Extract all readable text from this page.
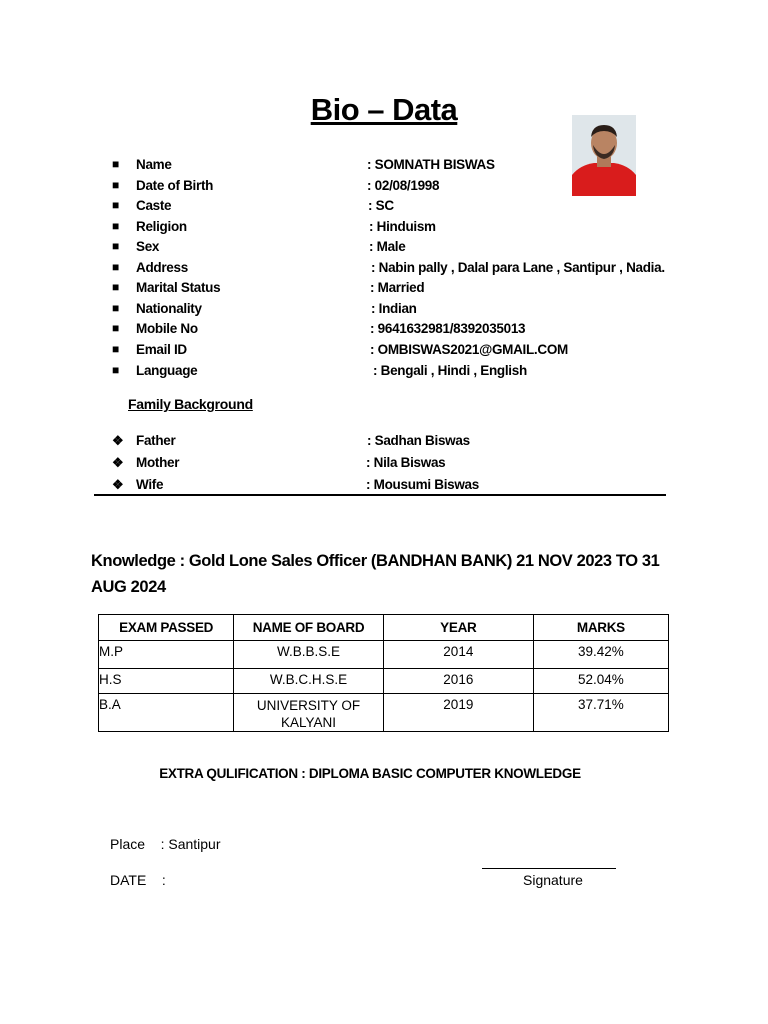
Bio – Data
■ Name	: SOMNATH BISWAS
■ Date of Birth	: 02/08/1998
■ Caste	: SC
■ Religion	: Hinduism
■ Sex	: Male
■ Address	: Nabin pally , Dalal para Lane , Santipur , Nadia.
■ Marital Status	: Married
■ Nationality	: Indian
■ Mobile No	: 9641632981/8392035013
■ Email ID	: OMBISWAS2021@GMAIL.COM
■ Language	: Bengali , Hindi , English
Family Background
❖ Father	: Sadhan Biswas
❖ Mother	: Nila Biswas
❖ Wife	: Mousumi Biswas
Knowledge : Gold Lone Sales Officer (BANDHAN BANK) 21 NOV 2023 TO 31 AUG 2024
EXAM PASSED	NAME OF BOARD	YEAR	MARKS
M.P	W.B.B.S.E	2014	39.42%
H.S	W.B.C.H.S.E	2016	52.04%
B.A	UNIVERSITY OF KALYANI	2019	37.71%
EXTRA QULIFICATION : DIPLOMA BASIC COMPUTER KNOWLEDGE
Place    : Santipur
DATE    :	Signature
